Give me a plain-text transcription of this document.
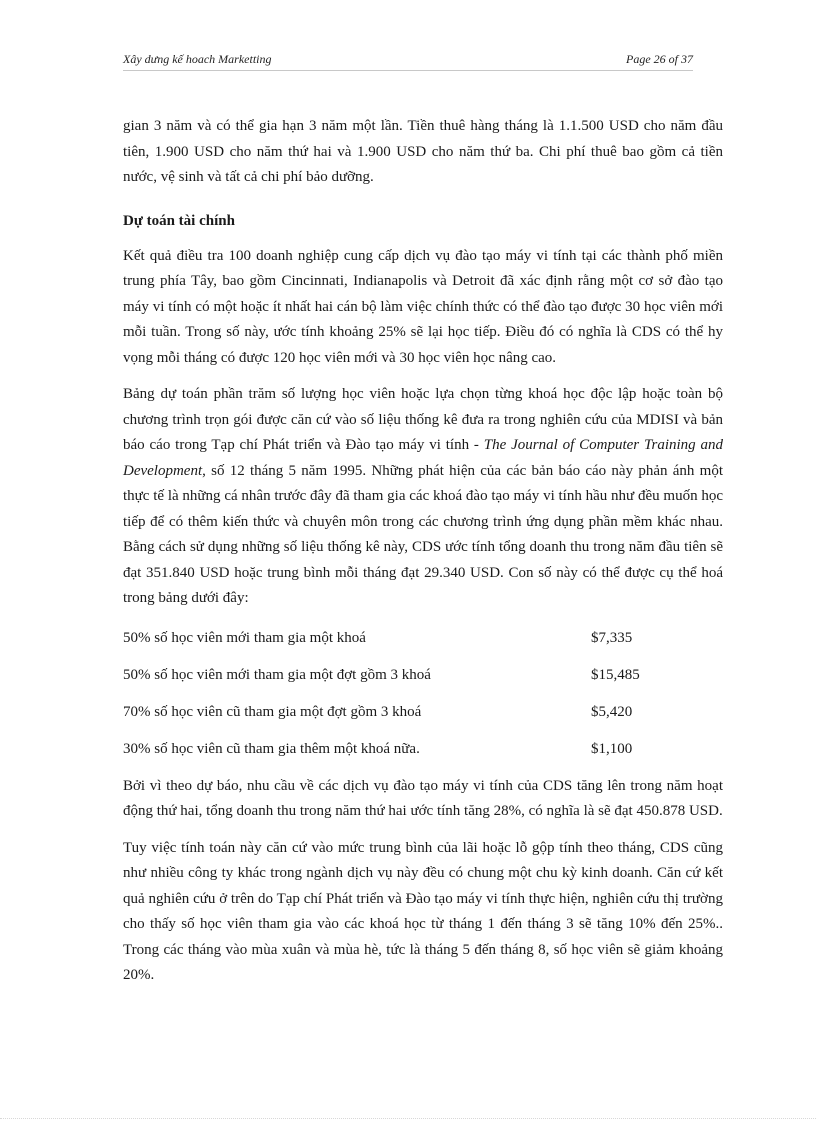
Xây dưng kế hoach Marketting	Page 26 of 37

gian 3 năm và có thể gia hạn 3 năm một lần. Tiền thuê hàng tháng là 1.1.500 USD cho năm đầu tiên, 1.900 USD cho năm thứ hai và 1.900 USD cho năm thứ ba. Chi phí thuê bao gồm cả tiền nước, vệ sinh và tất cả chi phí bảo dưỡng.

Dự toán tài chính

Kết quả điều tra 100 doanh nghiệp cung cấp dịch vụ đào tạo máy vi tính tại các thành phố miền trung phía Tây, bao gồm Cincinnati, Indianapolis và Detroit đã xác định rằng một cơ sở đào tạo máy vi tính có một hoặc ít nhất hai cán bộ làm việc chính thức có thể đào tạo được 30 học viên mới mỗi tuần. Trong số này, ước tính khoảng 25% sẽ lại học tiếp. Điều đó có nghĩa là CDS có thể hy vọng mỗi tháng có được 120 học viên mới và 30 học viên học nâng cao.

Bảng dự toán phần trăm số lượng học viên hoặc lựa chọn từng khoá học độc lập hoặc toàn bộ chương trình trọn gói được căn cứ vào số liệu thống kê đưa ra trong nghiên cứu của MDISI và bản báo cáo trong Tạp chí Phát triển và Đào tạo máy vi tính - The Journal of Computer Training and Development, số 12 tháng 5 năm 1995. Những phát hiện của các bản báo cáo này phản ánh một thực tế là những cá nhân trước đây đã tham gia các khoá đào tạo máy vi tính hầu như đều muốn học tiếp để có thêm kiến thức và chuyên môn trong các chương trình ứng dụng phần mềm khác nhau. Bằng cách sử dụng những số liệu thống kê này, CDS ước tính tổng doanh thu trong năm đầu tiên sẽ đạt 351.840 USD hoặc trung bình mỗi tháng đạt 29.340 USD. Con số này có thể được cụ thể hoá trong bảng dưới đây:

50% số học viên mới tham gia một khoá	$7,335
50% số học viên mới tham gia một đợt gồm 3 khoá	$15,485
70% số học viên cũ tham gia một đợt gồm 3 khoá	$5,420
30% số học viên cũ tham gia thêm một khoá nữa.	$1,100

Bởi vì theo dự báo, nhu cầu về các dịch vụ đào tạo máy vi tính của CDS tăng lên trong năm hoạt động thứ hai, tổng doanh thu trong năm thứ hai ước tính tăng 28%, có nghĩa là sẽ đạt 450.878 USD.

Tuy việc tính toán này căn cứ vào mức trung bình của lãi hoặc lỗ gộp tính theo tháng, CDS cũng như nhiều công ty khác trong ngành dịch vụ này đều có chung một chu kỳ kinh doanh. Căn cứ kết quả nghiên cứu ở trên do Tạp chí Phát triển và Đào tạo máy vi tính thực hiện, nghiên cứu thị trường cho thấy số học viên tham gia vào các khoá học từ tháng 1 đến tháng 3 sẽ tăng 10% đến 25%.. Trong các tháng vào mùa xuân và mùa hè, tức là tháng 5 đến tháng 8, số học viên sẽ giảm khoảng 20%.
